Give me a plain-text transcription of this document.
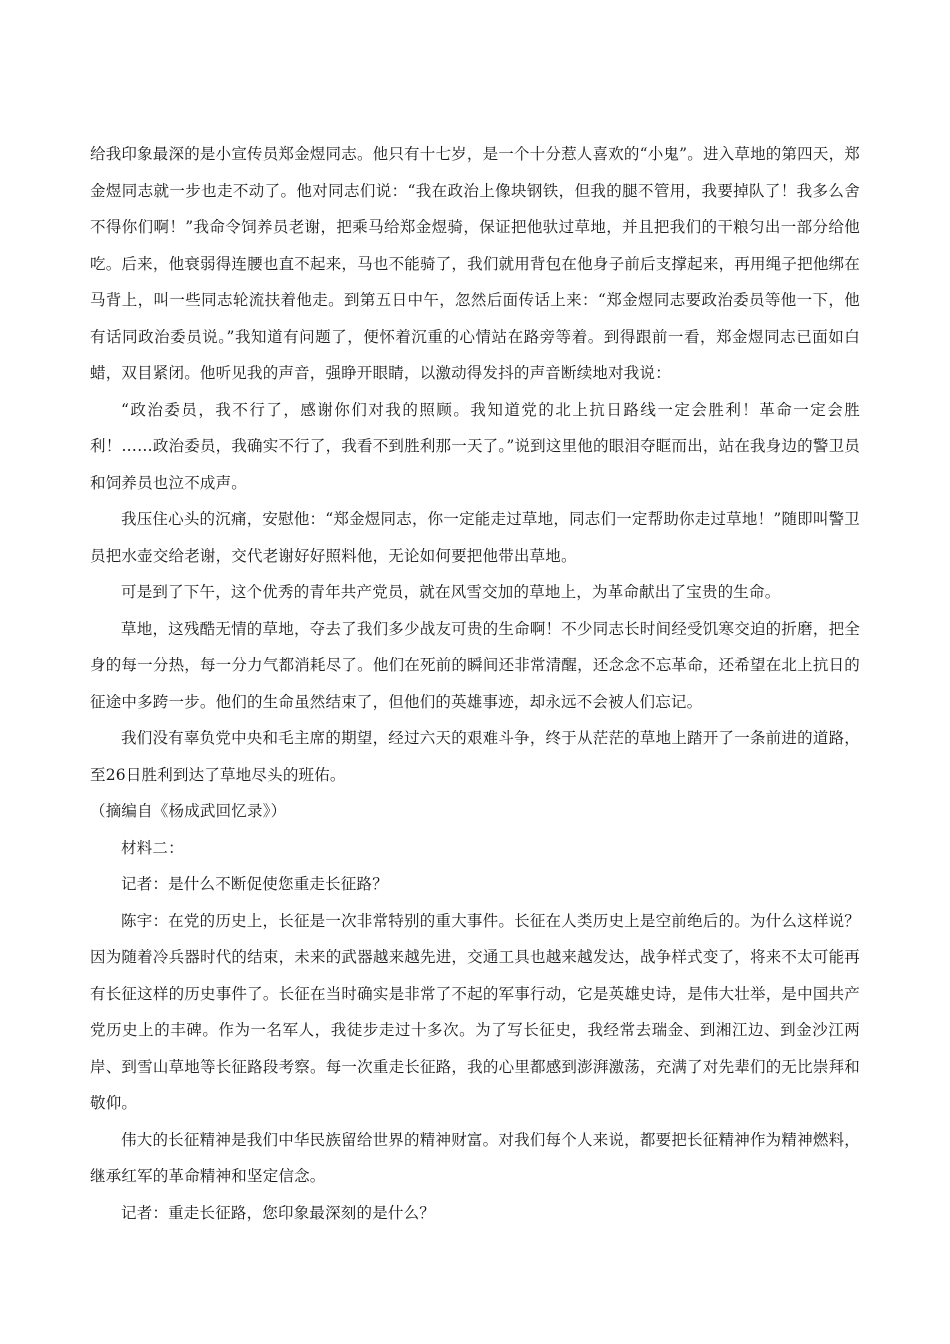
给我印象最深的是小宣传员郑金煜同志。他只有十七岁，是一个十分惹人喜欢的“小鬼”。进入草地的第四天，郑金煜同志就一步也走不动了。他对同志们说：“我在政治上像块钢铁，但我的腿不管用，我要掉队了！我多么舍不得你们啊！”我命令饲养员老谢，把乘马给郑金煜骑，保证把他驮过草地，并且把我们的干粮匀出一部分给他吃。后来，他衰弱得连腰也直不起来，马也不能骑了，我们就用背包在他身子前后支撑起来，再用绳子把他绑在马背上，叫一些同志轮流扶着他走。到第五日中午，忽然后面传话上来：“郑金煜同志要政治委员等他一下，他有话同政治委员说。”我知道有问题了，便怀着沉重的心情站在路旁等着。到得跟前一看，郑金煜同志已面如白蜡，双目紧闭。他听见我的声音，强睁开眼睛，以激动得发抖的声音断续地对我说：

“政治委员，我不行了，感谢你们对我的照顾。我知道党的北上抗日路线一定会胜利！革命一定会胜利！……政治委员，我确实不行了，我看不到胜利那一天了。”说到这里他的眼泪夺眶而出，站在我身边的警卫员和饲养员也泣不成声。

我压住心头的沉痛，安慰他：“郑金煜同志，你一定能走过草地，同志们一定帮助你走过草地！”随即叫警卫员把水壶交给老谢，交代老谢好好照料他，无论如何要把他带出草地。

可是到了下午，这个优秀的青年共产党员，就在风雪交加的草地上，为革命献出了宝贵的生命。

草地，这残酷无情的草地，夺去了我们多少战友可贵的生命啊！不少同志长时间经受饥寒交迫的折磨，把全身的每一分热，每一分力气都消耗尽了。他们在死前的瞬间还非常清醒，还念念不忘革命，还希望在北上抗日的征途中多跨一步。他们的生命虽然结束了，但他们的英雄事迹，却永远不会被人们忘记。

我们没有辜负党中央和毛主席的期望，经过六天的艰难斗争，终于从茫茫的草地上踏开了一条前进的道路，至26日胜利到达了草地尽头的班佑。

（摘编自《杨成武回忆录》）

材料二：

记者：是什么不断促使您重走长征路？

陈宇：在党的历史上，长征是一次非常特别的重大事件。长征在人类历史上是空前绝后的。为什么这样说？因为随着冷兵器时代的结束，未来的武器越来越先进，交通工具也越来越发达，战争样式变了，将来不太可能再有长征这样的历史事件了。长征在当时确实是非常了不起的军事行动，它是英雄史诗，是伟大壮举，是中国共产党历史上的丰碑。作为一名军人，我徒步走过十多次。为了写长征史，我经常去瑞金、到湘江边、到金沙江两岸、到雪山草地等长征路段考察。每一次重走长征路，我的心里都感到澎湃激荡，充满了对先辈们的无比崇拜和敬仰。

伟大的长征精神是我们中华民族留给世界的精神财富。对我们每个人来说，都要把长征精神作为精神燃料，继承红军的革命精神和坚定信念。

记者：重走长征路，您印象最深刻的是什么？
